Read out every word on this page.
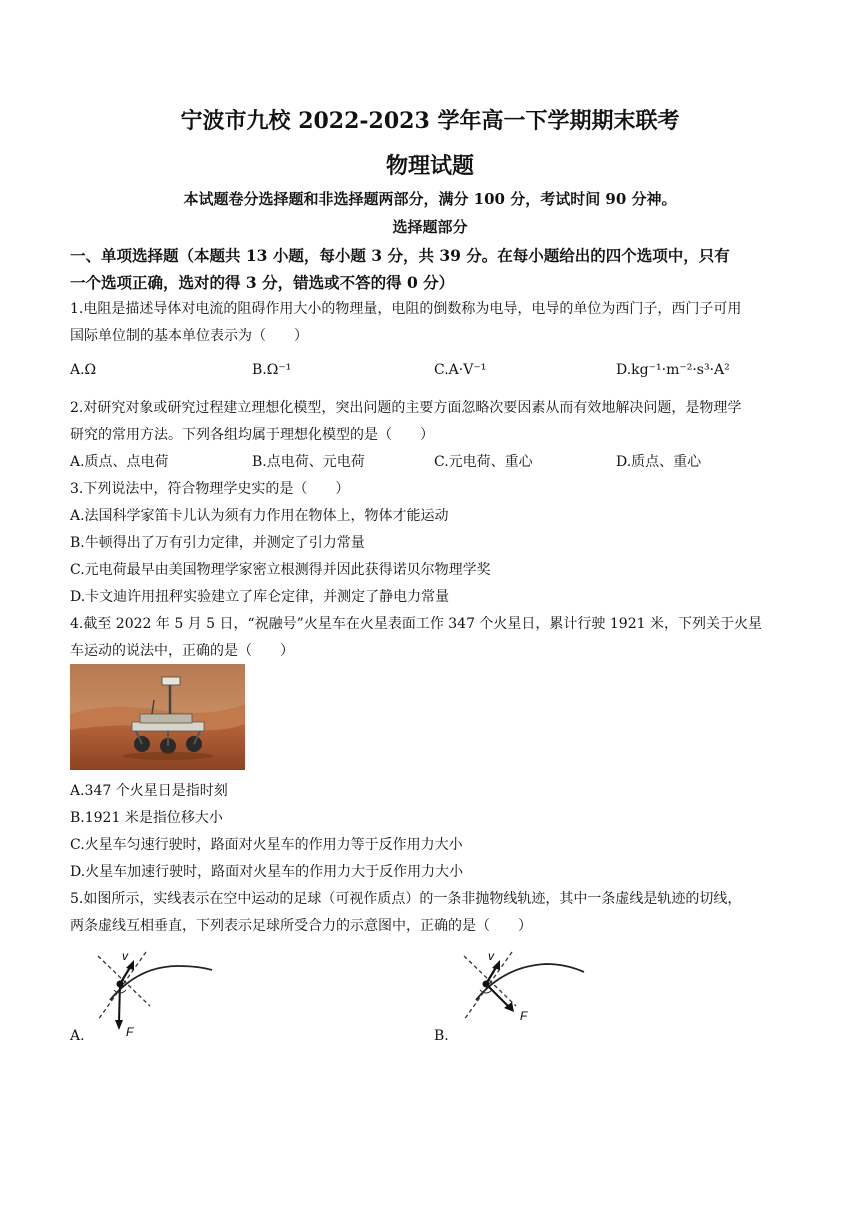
宁波市九校 2022-2023 学年高一下学期期末联考
物理试题
本试题卷分选择题和非选择题两部分，满分 100 分，考试时间 90 分神。
选择题部分
一、单项选择题（本题共 13 小题，每小题 3 分，共 39 分。在每小题给出的四个选项中，只有
一个选项正确，选对的得 3 分，错选或不答的得 0 分）
1.电阻是描述导体对电流的阻碍作用大小的物理量，电阻的倒数称为电导，电导的单位为西门子，西门子可用
国际单位制的基本单位表示为（　　）
A.Ω	B.Ω⁻¹	C.A·V⁻¹	D.kg⁻¹·m⁻²·s³·A²
2.对研究对象或研究过程建立理想化模型，突出问题的主要方面忽略次要因素从而有效地解决问题，是物理学
研究的常用方法。下列各组均属于理想化模型的是（　　）
A.质点、点电荷	B.点电荷、元电荷	C.元电荷、重心	D.质点、重心
3.下列说法中，符合物理学史实的是（　　）
A.法国科学家笛卡儿认为须有力作用在物体上，物体才能运动
B.牛顿得出了万有引力定律，并测定了引力常量
C.元电荷最早由美国物理学家密立根测得并因此获得诺贝尔物理学奖
D.卡文迪许用扭秤实验建立了库仑定律，并测定了静电力常量
4.截至 2022 年 5 月 5 日，“祝融号”火星车在火星表面工作 347 个火星日，累计行驶 1921 米，下列关于火星
车运动的说法中，正确的是（　　）
A.347 个火星日是指时刻
B.1921 米是指位移大小
C.火星车匀速行驶时，路面对火星车的作用力等于反作用力大小
D.火星车加速行驶时，路面对火星车的作用力大于反作用力大小
5.如图所示，实线表示在空中运动的足球（可视作质点）的一条非抛物线轨迹，其中一条虚线是轨迹的切线，
两条虚线互相垂直，下列表示足球所受合力的示意图中，正确的是（　　）
v
F
A.
v
F
B.
